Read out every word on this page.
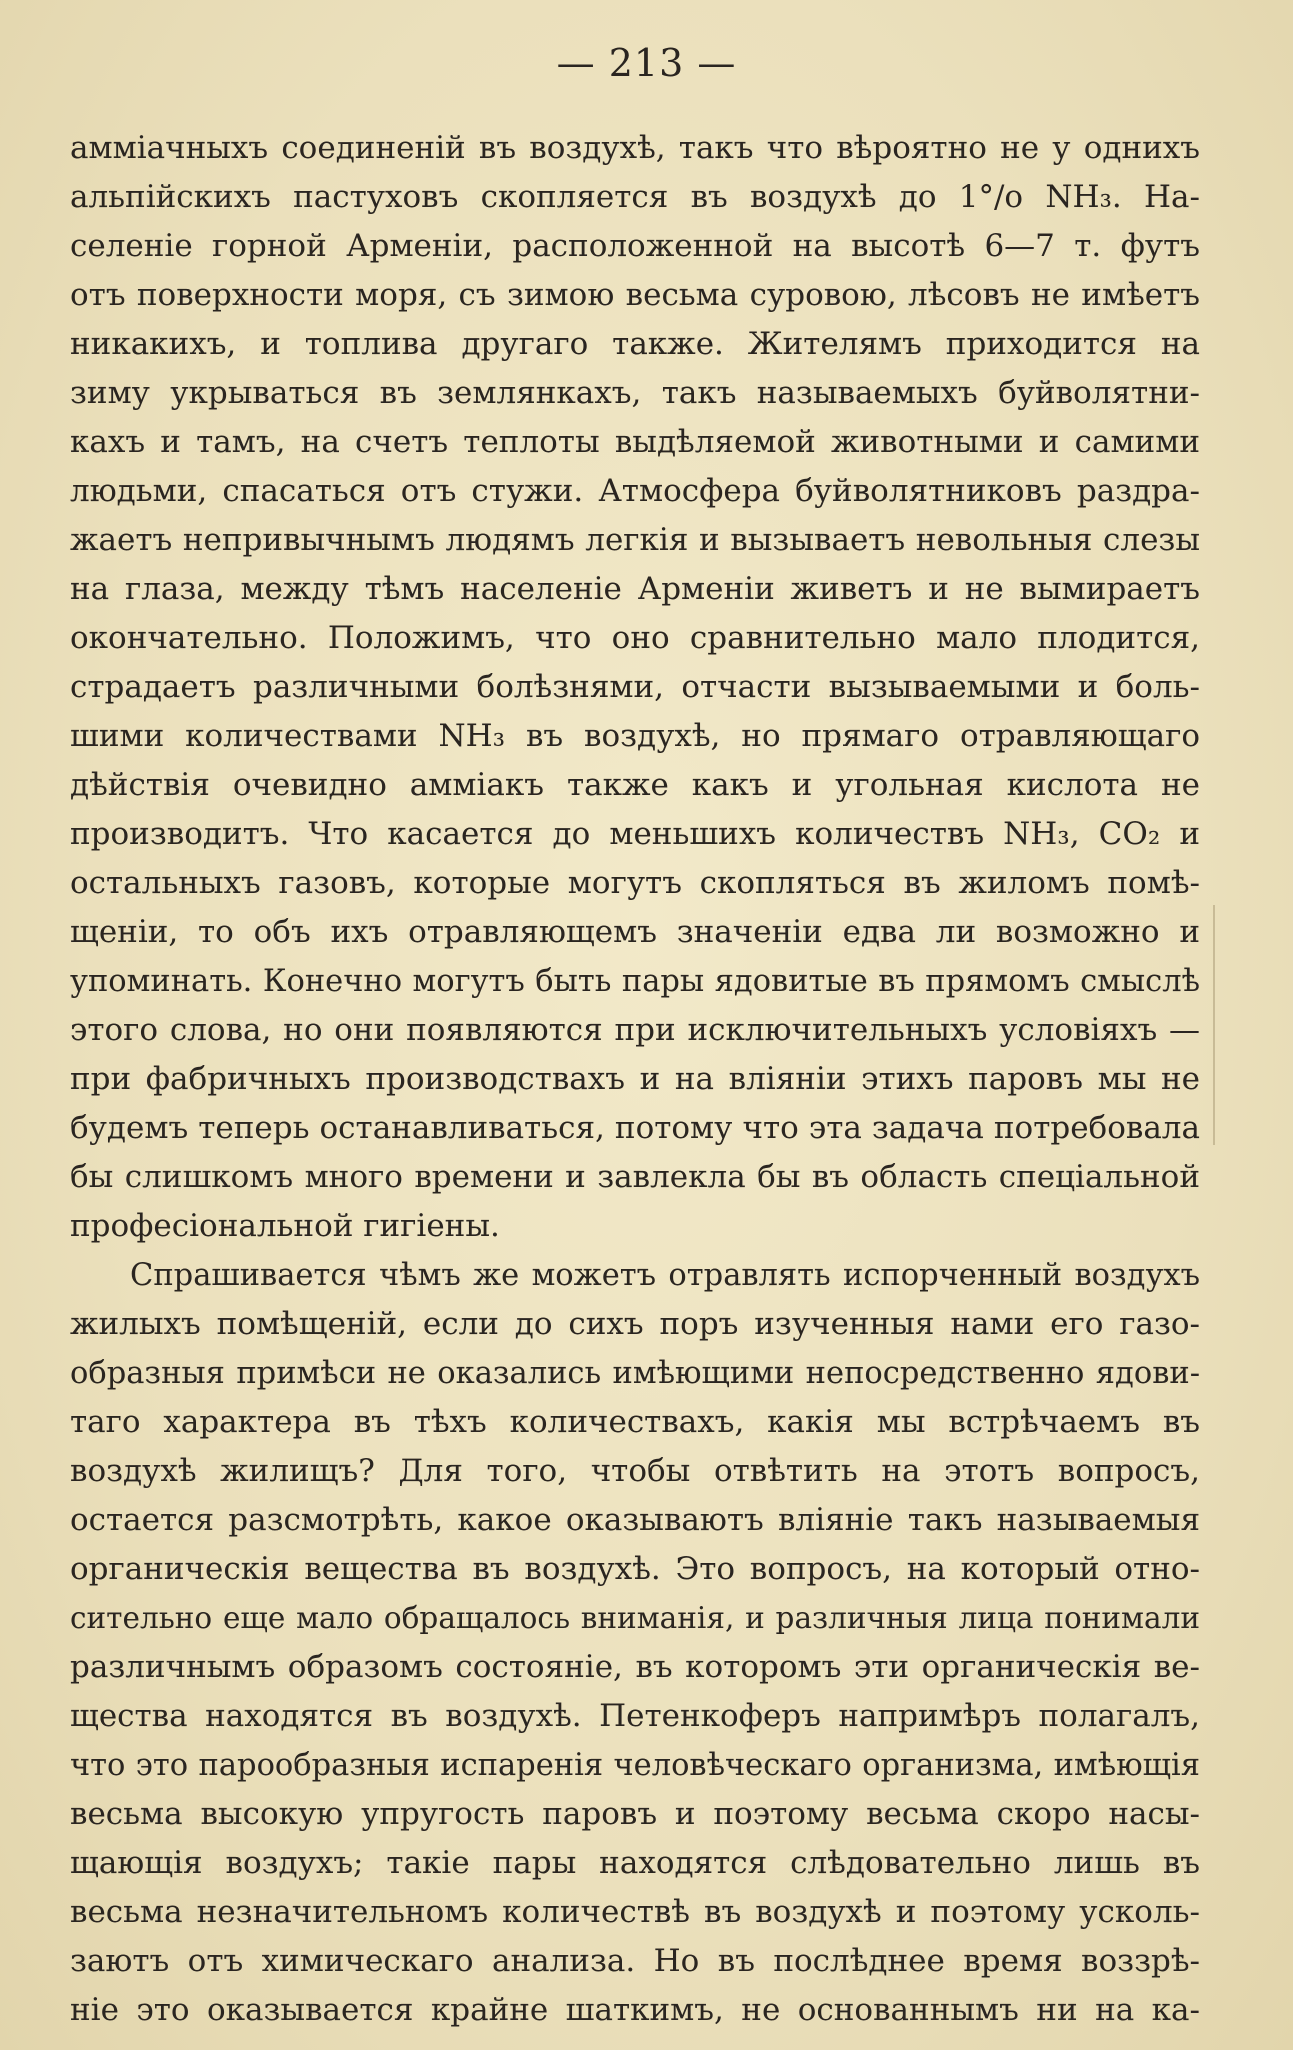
— 213 —
амміачныхъ соединеній въ воздухѣ, такъ что вѣроятно не у однихъ
альпійскихъ пастуховъ скопляется въ воздухѣ до 1°/o NH₃. На-
селеніе горной Арменіи, расположенной на высотѣ 6—7 т. футъ
отъ поверхности моря, съ зимою весьма суровою, лѣсовъ не имѣетъ
никакихъ, и топлива другаго также. Жителямъ приходится на
зиму укрываться въ землянкахъ, такъ называемыхъ буйволятни-
кахъ и тамъ, на счетъ теплоты выдѣляемой животными и самими
людьми, спасаться отъ стужи. Атмосфера буйволятниковъ раздра-
жаетъ непривычнымъ людямъ легкія и вызываетъ невольныя слезы
на глаза, между тѣмъ населеніе Арменіи живетъ и не вымираетъ
окончательно. Положимъ, что оно сравнительно мало плодится,
страдаетъ различными болѣзнями, отчасти вызываемыми и боль-
шими количествами NH₃ въ воздухѣ, но прямаго отравляющаго
дѣйствія очевидно амміакъ также какъ и угольная кислота не
производитъ. Что касается до меньшихъ количествъ NH₃, CO₂ и
остальныхъ газовъ, которые могутъ скопляться въ жиломъ помѣ-
щеніи, то объ ихъ отравляющемъ значеніи едва ли возможно и
упоминать. Конечно могутъ быть пары ядовитые въ прямомъ смыслѣ
этого слова, но они появляются при исключительныхъ условіяхъ —
при фабричныхъ производствахъ и на вліяніи этихъ паровъ мы не
будемъ теперь останавливаться, потому что эта задача потребовала
бы слишкомъ много времени и завлекла бы въ область спеціальной
професіональной гигіены.
Спрашивается чѣмъ же можетъ отравлять испорченный воздухъ
жилыхъ помѣщеній, если до сихъ поръ изученныя нами его газо-
образныя примѣси не оказались имѣющими непосредственно ядови-
таго характера въ тѣхъ количествахъ, какія мы встрѣчаемъ въ
воздухѣ жилищъ? Для того, чтобы отвѣтить на этотъ вопросъ,
остается разсмотрѣть, какое оказываютъ вліяніе такъ называемыя
органическія вещества въ воздухѣ. Это вопросъ, на который отно-
сительно еще мало обращалось вниманія, и различныя лица понимали
различнымъ образомъ состояніе, въ которомъ эти органическія ве-
щества находятся въ воздухѣ. Петенкоферъ напримѣръ полагалъ,
что это парообразныя испаренія человѣческаго организма, имѣющія
весьма высокую упругость паровъ и поэтому весьма скоро насы-
щающія воздухъ; такіе пары находятся слѣдовательно лишь въ
весьма незначительномъ количествѣ въ воздухѣ и поэтому усколь-
заютъ отъ химическаго анализа. Но въ послѣднее время воззрѣ-
ніе это оказывается крайне шаткимъ, не основаннымъ ни на ка-
